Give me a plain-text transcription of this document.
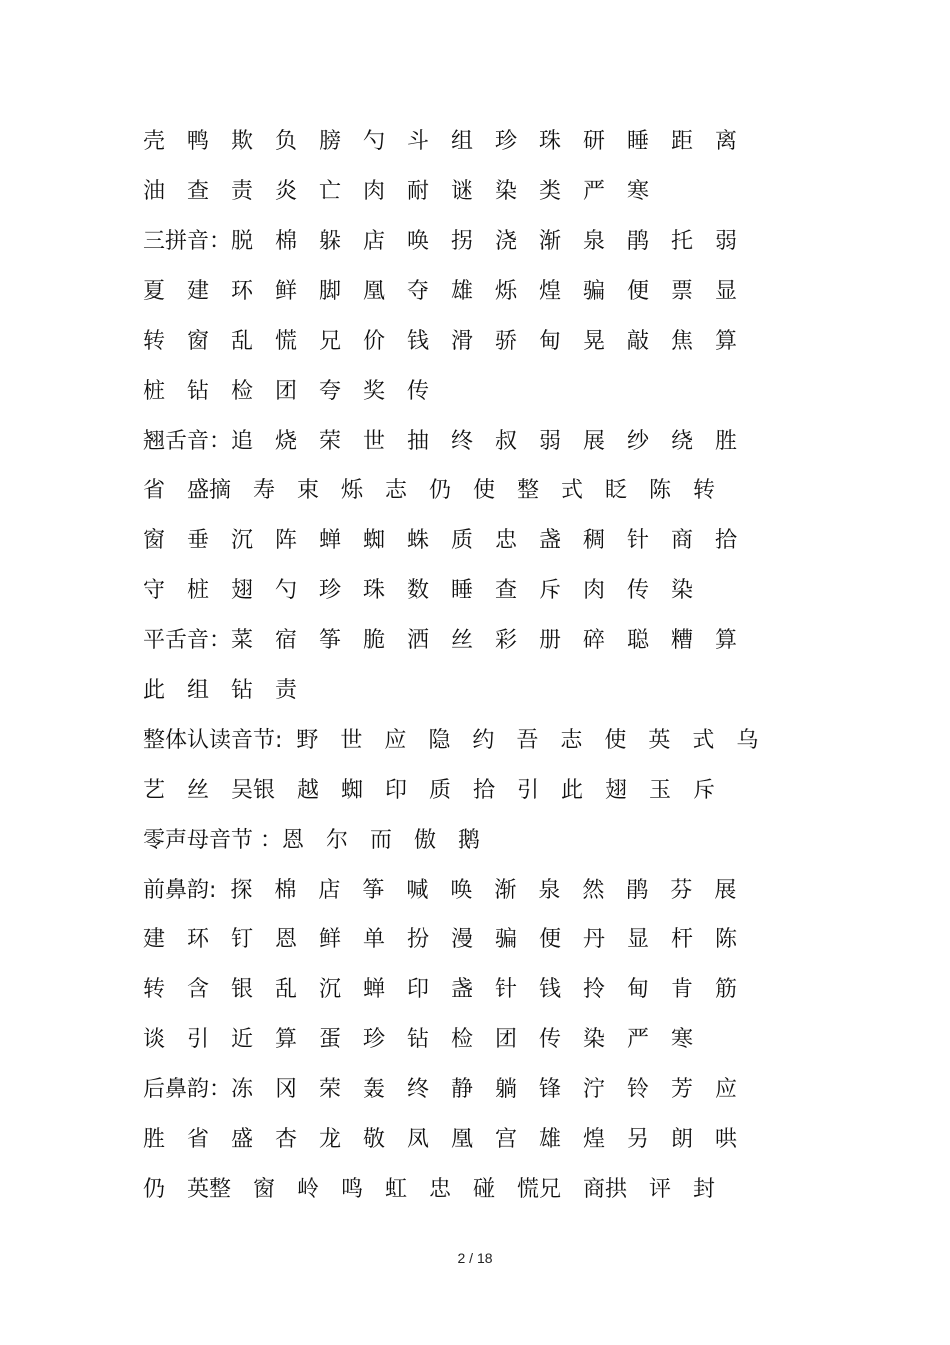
壳　鸭　欺　负　膀　勺　斗　组　珍　珠　研　睡　距　离
油　查　责　炎　亡　肉　耐　谜　染　类　严　寒
三拼音：脱　棉　躲　店　唤　拐　浇　渐　泉　鹃　托　弱
夏　建　环　鲜　脚　凰　夺　雄　烁　煌　骗　便　票　显
转　窗　乱　慌　兄　价　钱　滑　骄　甸　晃　敲　焦　算
桩　钻　检　团　夸　奖　传
翘舌音：追　烧　荣　世　抽　终　叔　弱　展　纱　绕　胜
省　盛摘　寿　束　烁　志　仍　使　整　式　眨　陈　转
窗　垂　沉　阵　蝉　蜘　蛛　质　忠　盏　稠　针　商　拾
守　桩　翅　勺　珍　珠　数　睡　查　斥　肉　传　染
平舌音：菜　宿　筝　脆　洒　丝　彩　册　碎　聪　糟　算
此　组　钻　责
整体认读音节:  野　世　应　隐　约　吾　志　使　英　式　乌
艺　丝　吴银　越　蜘　印　质　拾　引　此　翅　玉　斥
零声母音节 ：恩　尔　而　傲　鹅
前鼻韵:  探　棉　店　筝　喊　唤　渐　泉　然　鹃　芬　展
建　环　钉　恩　鲜　单　扮　漫　骗　便　丹　显　杆　陈
转　含　银　乱　沉　蝉　印　盏　针　钱　拎　甸　肯　筋
谈　引　近　算　蛋　珍　钻　检　团　传　染　严　寒
后鼻韵：冻　冈　荣　轰　终　静　躺　锋　泞　铃　芳　应
胜　省　盛　杏　龙　敬　凤　凰　宫　雄　煌　另　朗　哄
仍　英整　窗　岭　鸣　虹　忠　碰　慌兄　商拱　评　封
2 / 18
